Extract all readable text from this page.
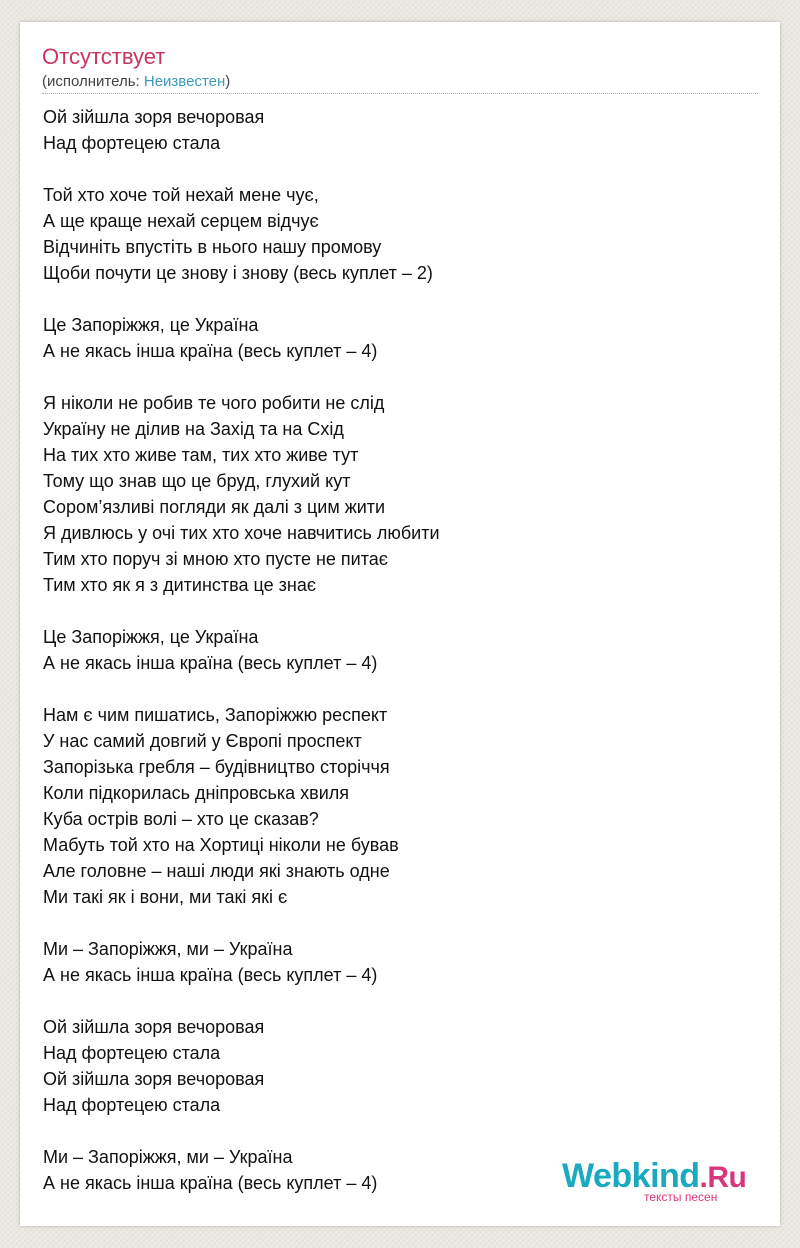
Отсутствует
(исполнитель: Неизвестен)
Ой зійшла зоря вечоровая
Над фортецею стала
Той хто хоче той нехай мене чує,
А ще краще нехай серцем відчує
Відчиніть впустіть в нього нашу промову
Щоби почути це знову і знову (весь куплет – 2)
Це Запоріжжя, це Україна
А не якась інша країна (весь куплет – 4)
Я ніколи не робив те чого робити не слід
Україну не ділив на Захід та на Схід
На тих хто живе там, тих хто живе тут
Тому що знав що це бруд, глухий кут
Сором’язливі погляди як далі з цим жити
Я дивлюсь у очі тих хто хоче навчитись любити
Тим хто поруч зі мною хто пусте не питає
Тим хто як я з дитинства це знає
Це Запоріжжя, це Україна
А не якась інша країна (весь куплет – 4)
Нам є чим пишатись, Запоріжжю респект
У нас самий довгий у Європі проспект
Запорізька гребля – будівництво сторіччя
Коли підкорилась дніпровська хвиля
Куба острів волі – хто це сказав?
Мабуть той хто на Хортиці ніколи не бував
Але головне – наші люди які знають одне
Ми такі як і вони, ми такі які є
Ми – Запоріжжя, ми – Україна
А не якась інша країна (весь куплет – 4)
Ой зійшла зоря вечоровая
Над фортецею стала
Ой зійшла зоря вечоровая
Над фортецею стала
Ми – Запоріжжя, ми – Україна
А не якась інша країна (весь куплет – 4)	Webkind.Ru
тексты песен
